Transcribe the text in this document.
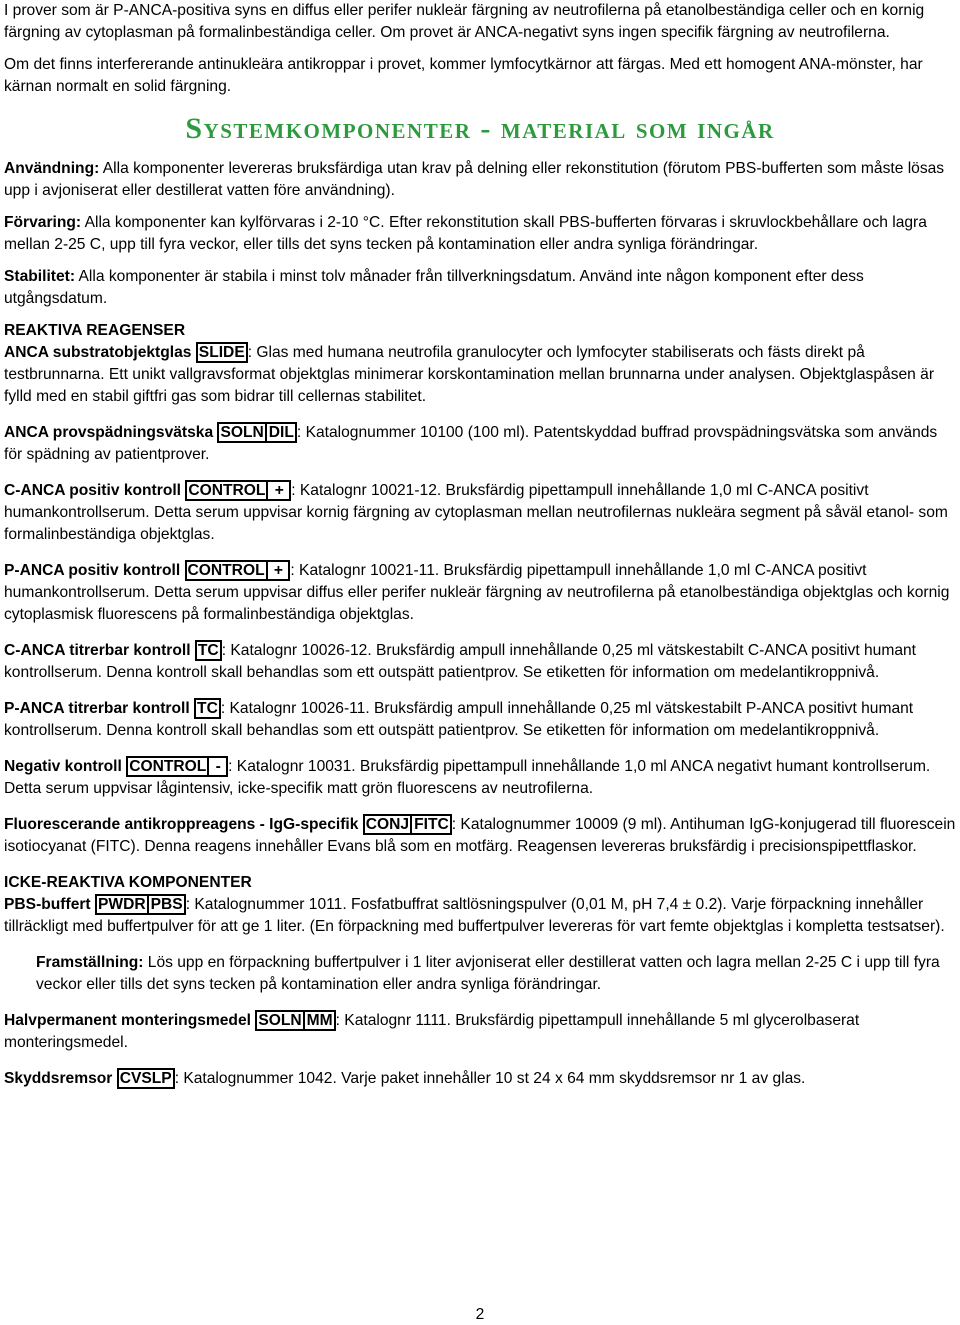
I prover som är P-ANCA-positiva syns en diffus eller perifer nukleär färgning av neutrofilerna på etanolbeständiga celler och en kornig färgning av cytoplasman på formalinbeständiga celler. Om provet är ANCA-negativt syns ingen specifik färgning av neutrofilerna.

Om det finns interfererande antinukleära antikroppar i provet, kommer lymfocytkärnor att färgas. Med ett homogent ANA-mönster, har kärnan normalt en solid färgning.

Systemkomponenter - material som ingår

Användning: Alla komponenter levereras bruksfärdiga utan krav på delning eller rekonstitution (förutom PBS-bufferten som måste lösas upp i avjoniserat eller destillerat vatten före användning).

Förvaring: Alla komponenter kan kylförvaras i 2-10 °C. Efter rekonstitution skall PBS-bufferten förvaras i skruvlockbehållare och lagra mellan 2-25 C, upp till fyra veckor, eller tills det syns tecken på kontamination eller andra synliga förändringar.

Stabilitet: Alla komponenter är stabila i minst tolv månader från tillverkningsdatum. Använd inte någon komponent efter dess utgångsdatum.

REAKTIVA REAGENSER

ANCA substratobjektglas SLIDE : Glas med humana neutrofila granulocyter och lymfocyter stabiliserats och fästs direkt på testbrunnarna. Ett unikt vallgravsformat objektglas minimerar korskontamination mellan brunnarna under analysen. Objektglaspåsen är fylld med en stabil giftfri gas som bidrar till cellernas stabilitet.

ANCA provspädningsvätska SOLN DIL : Katalognummer 10100 (100 ml). Patentskyddad buffrad provspädningsvätska som används för spädning av patientprover.

C-ANCA positiv kontroll CONTROL + : Katalognr 10021-12. Bruksfärdig pipettampull innehållande 1,0 ml C-ANCA positivt humankontrollserum. Detta serum uppvisar kornig färgning av cytoplasman mellan neutrofilernas nukleära segment på såväl etanol- som formalinbeständiga objektglas.

P-ANCA positiv kontroll CONTROL + : Katalognr 10021-11. Bruksfärdig pipettampull innehållande 1,0 ml C-ANCA positivt humankontrollserum. Detta serum uppvisar diffus eller perifer nukleär färgning av neutrofilerna på etanolbeständiga objektglas och kornig cytoplasmisk fluorescens på formalinbeständiga objektglas.

C-ANCA titrerbar kontroll TC : Katalognr 10026-12. Bruksfärdig ampull innehållande 0,25 ml vätskestabilt C-ANCA positivt humant kontrollserum. Denna kontroll skall behandlas som ett outspätt patientprov. Se etiketten för information om medelantikroppnivå.

P-ANCA titrerbar kontroll TC : Katalognr 10026-11. Bruksfärdig ampull innehållande 0,25 ml vätskestabilt P-ANCA positivt humant kontrollserum. Denna kontroll skall behandlas som ett outspätt patientprov. Se etiketten för information om medelantikroppnivå.

Negativ kontroll CONTROL - : Katalognr 10031. Bruksfärdig pipettampull innehållande 1,0 ml ANCA negativt humant kontrollserum. Detta serum uppvisar lågintensiv, icke-specifik matt grön fluorescens av neutrofilerna.

Fluorescerande antikroppreagens - IgG-specifik CONJ FITC : Katalognummer 10009 (9 ml). Antihuman IgG-konjugerad till fluorescein isotiocyanat (FITC). Denna reagens innehåller Evans blå som en motfärg. Reagensen levereras bruksfärdig i precisionspipettflaskor.

ICKE-REAKTIVA KOMPONENTER

PBS-buffert PWDR PBS : Katalognummer 1011. Fosfatbuffrat saltlösningspulver (0,01 M, pH 7,4 ± 0.2). Varje förpackning innehåller tillräckligt med buffertpulver för att ge 1 liter. (En förpackning med buffertpulver levereras för vart femte objektglas i kompletta testsatser).

Framställning: Lös upp en förpackning buffertpulver i 1 liter avjoniserat eller destillerat vatten och lagra mellan 2-25 C i upp till fyra veckor eller tills det syns tecken på kontamination eller andra synliga förändringar.

Halvpermanent monteringsmedel SOLN MM : Katalognr 1111. Bruksfärdig pipettampull innehållande 5 ml glycerolbaserat monteringsmedel.

Skyddsremsor CVSLP : Katalognummer 1042. Varje paket innehåller 10 st 24 x 64 mm skyddsremsor nr 1 av glas.

2
